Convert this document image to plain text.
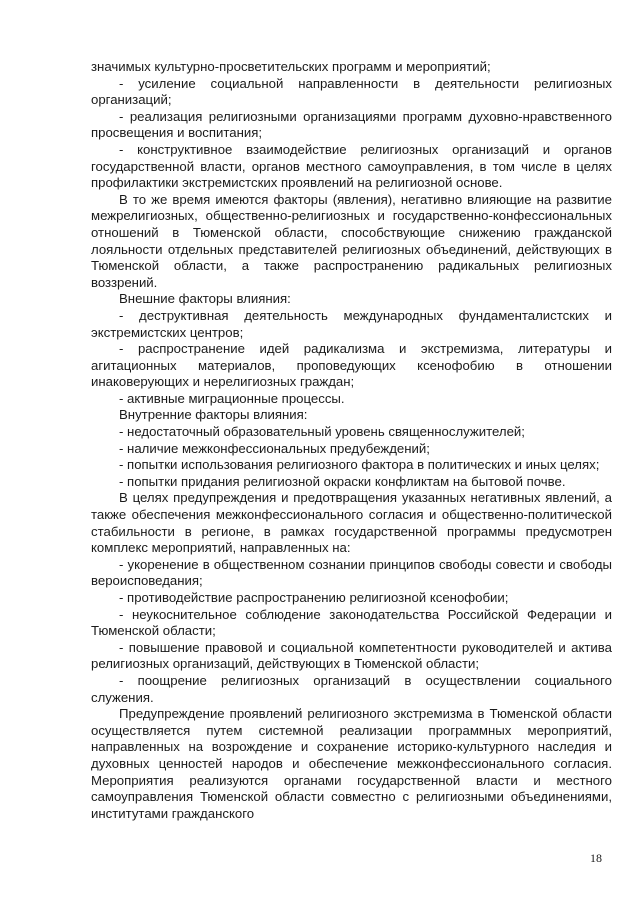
значимых культурно-просветительских программ и мероприятий;

- усиление социальной направленности в деятельности религиозных организаций;

- реализация религиозными организациями программ духовно-нравственного просвещения и воспитания;

- конструктивное взаимодействие религиозных организаций и органов государственной власти, органов местного самоуправления, в том числе в целях профилактики экстремистских проявлений на религиозной основе.

В то же время имеются факторы (явления), негативно влияющие на развитие межрелигиозных, общественно-религиозных и государственно-конфессиональных отношений в Тюменской области, способствующие снижению гражданской лояльности отдельных представителей религиозных объединений, действующих в Тюменской области, а также распространению радикальных религиозных воззрений.

Внешние факторы влияния:

- деструктивная деятельность международных фундаменталистских и экстремистских центров;

- распространение идей радикализма и экстремизма, литературы и агитационных материалов, проповедующих ксенофобию в отношении инаковерующих и нерелигиозных граждан;

- активные миграционные процессы.

Внутренние факторы влияния:

- недостаточный образовательный уровень священнослужителей;

- наличие межконфессиональных предубеждений;

- попытки использования религиозного фактора в политических и иных целях;

- попытки придания религиозной окраски конфликтам на бытовой почве.

В целях предупреждения и предотвращения указанных негативных явлений, а также обеспечения межконфессионального согласия и общественно-политической стабильности в регионе, в рамках государственной программы предусмотрен комплекс мероприятий, направленных на:

- укоренение в общественном сознании принципов свободы совести и свободы вероисповедания;

- противодействие распространению религиозной ксенофобии;

- неукоснительное соблюдение законодательства Российской Федерации и Тюменской области;

- повышение правовой и социальной компетентности руководителей и актива религиозных организаций, действующих в Тюменской области;

- поощрение религиозных организаций в осуществлении социального служения.

Предупреждение проявлений религиозного экстремизма в Тюменской области осуществляется путем системной реализации программных мероприятий, направленных на возрождение и сохранение историко-культурного наследия и духовных ценностей народов и обеспечение межконфессионального согласия. Мероприятия реализуются органами государственной власти и местного самоуправления Тюменской области совместно с религиозными объединениями, институтами гражданского

18
